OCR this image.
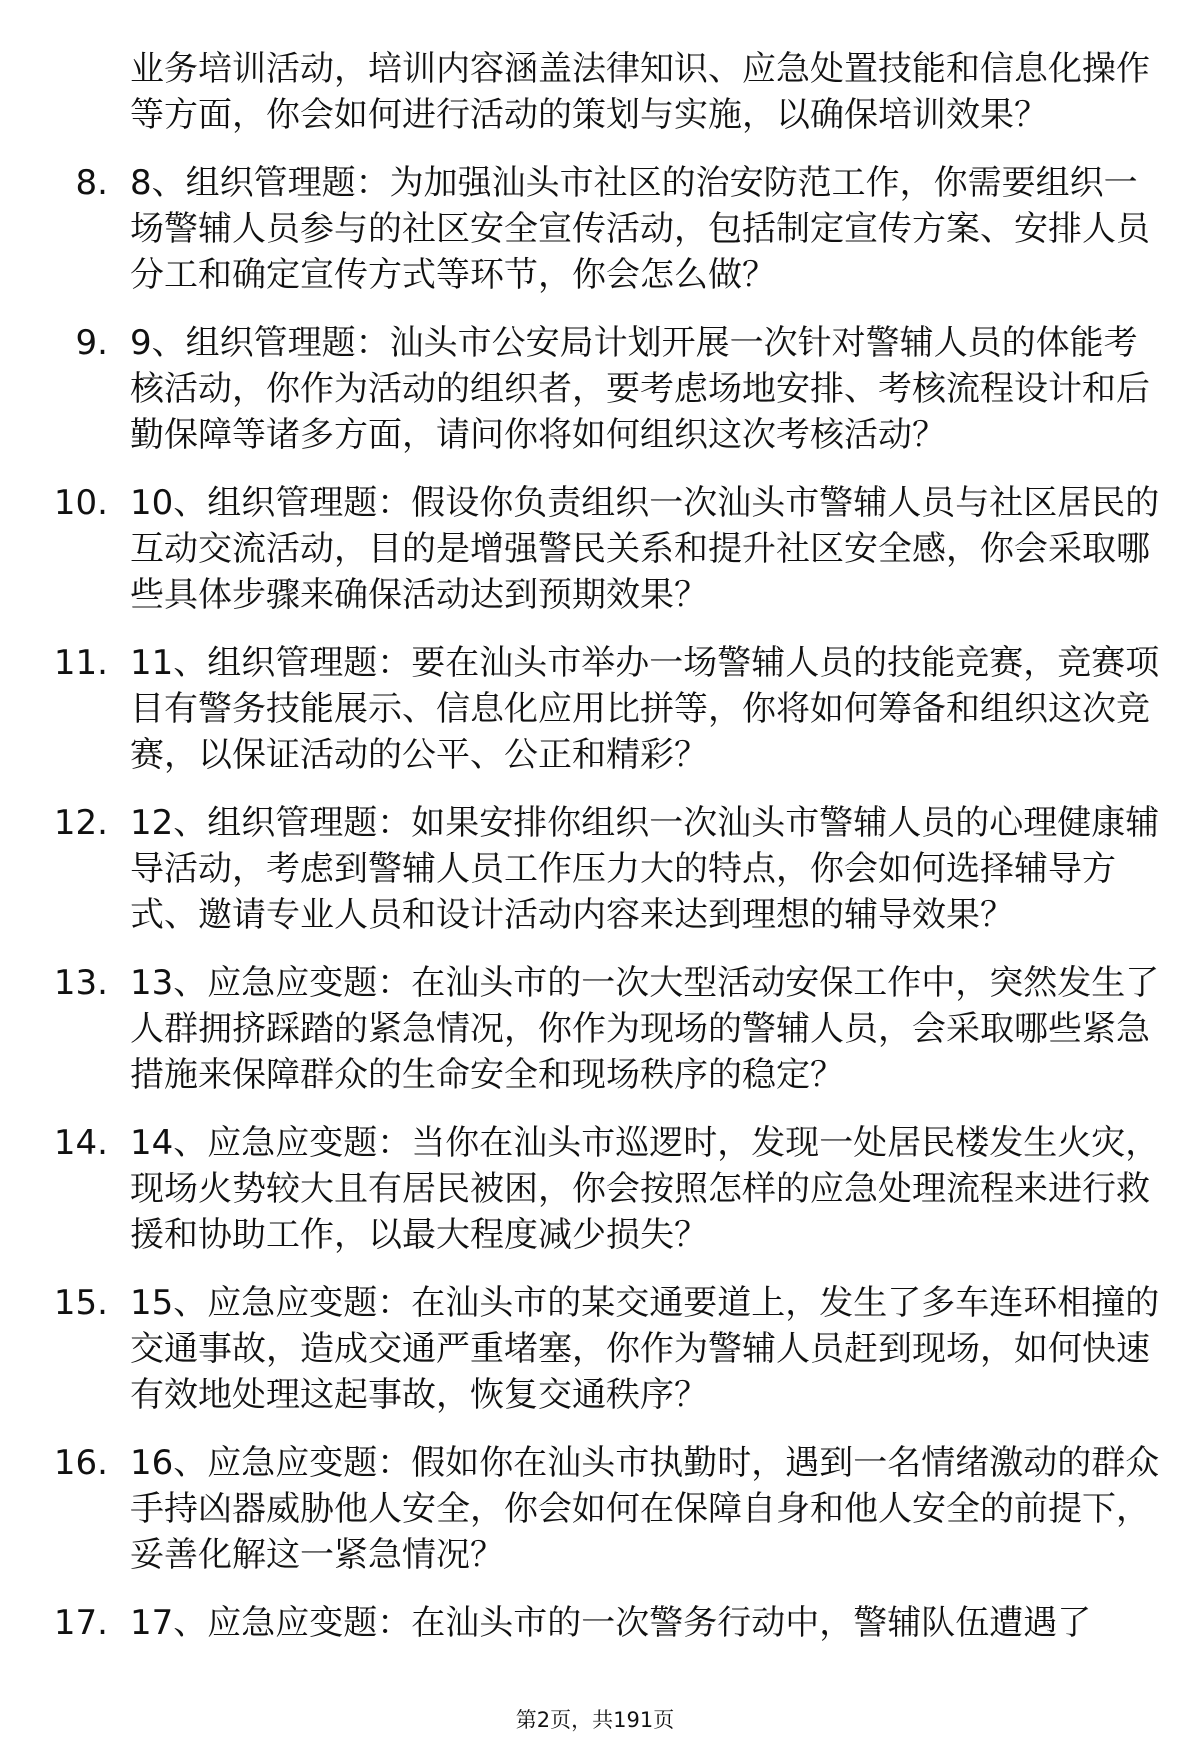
⁣
业务培训活动，培训内容涵盖法律知识、应急处置技能和信息化操作等方面，你会如何进行活动的策划与实施，以确保培训效果？
8. 8、组织管理题：为加强汕头市社区的治安防范工作，你需要组织一场警辅人员参与的社区安全宣传活动，包括制定宣传方案、安排人员分工和确定宣传方式等环节，你会怎么做？
9. 9、组织管理题：汕头市公安局计划开展一次针对警辅人员的体能考核活动，你作为活动的组织者，要考虑场地安排、考核流程设计和后勤保障等诸多方面，请问你将如何组织这次考核活动？
10. 10、组织管理题：假设你负责组织一次汕头市警辅人员与社区居民的互动交流活动，目的是增强警民关系和提升社区安全感，你会采取哪些具体步骤来确保活动达到预期效果？
11. 11、组织管理题：要在汕头市举办一场警辅人员的技能竞赛，竞赛项目有警务技能展示、信息化应用比拼等，你将如何筹备和组织这次竞赛，以保证活动的公平、公正和精彩？
12. 12、组织管理题：如果安排你组织一次汕头市警辅人员的心理健康辅导活动，考虑到警辅人员工作压力大的特点，你会如何选择辅导方式、邀请专业人员和设计活动内容来达到理想的辅导效果？
13. 13、应急应变题：在汕头市的一次大型活动安保工作中，突然发生了人群拥挤踩踏的紧急情况，你作为现场的警辅人员，会采取哪些紧急措施来保障群众的生命安全和现场秩序的稳定？
14. 14、应急应变题：当你在汕头市巡逻时，发现一处居民楼发生火灾，现场火势较大且有居民被困，你会按照怎样的应急处理流程来进行救援和协助工作，以最大程度减少损失？
15. 15、应急应变题：在汕头市的某交通要道上，发生了多车连环相撞的交通事故，造成交通严重堵塞，你作为警辅人员赶到现场，如何快速有效地处理这起事故，恢复交通秩序？
16. 16、应急应变题：假如你在汕头市执勤时，遇到一名情绪激动的群众手持凶器威胁他人安全，你会如何在保障自身和他人安全的前提下，妥善化解这一紧急情况？
17. 17、应急应变题：在汕头市的一次警务行动中，警辅队伍遭遇了
第2页，共191页
